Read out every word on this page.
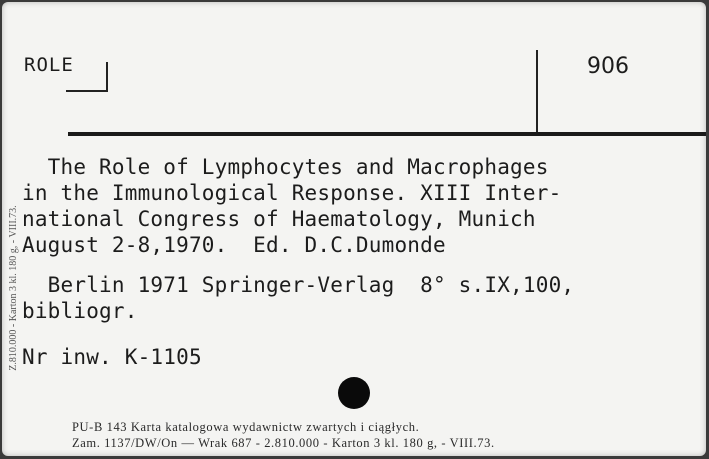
ROLE	906
Z.810.000 - Karton 3 kl. 180 g, - VIII.73.
The Role of Lymphocytes and Macrophages
in the Immunological Response. XIII Inter-
national Congress of Haematology, Munich
August 2-8,1970.  Ed. D.C.Dumonde
Berlin 1971 Springer-Verlag  8° s.IX,100,
bibliogr.
Nr inw. K-1105
PU-B 143 Karta katalogowa wydawnictw zwartych i ciągłych.
Zam. 1137/DW/On — Wrak 687 - 2.810.000 - Karton 3 kl. 180 g, - VIII.73.
